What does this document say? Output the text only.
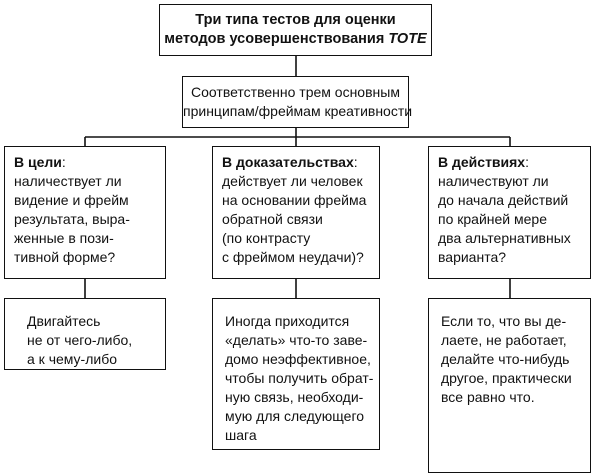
Три типа тестов для оценки
методов усовершенствования TOTE
Соответственно трем основным
принципам/фреймам креативности
В цели:
наличествует ли
видение и фрейм
результата, выра-
женные в пози-
тивной форме?
В доказательствах:
действует ли человек
на основании фрейма
обратной связи
(по контрасту
с фреймом неудачи)?
В действиях:
наличествуют ли
до начала действий
по крайней мере
два альтернативных
варианта?
Двигайтесь
не от чего-либо,
а к чему-либо
Иногда приходится
«делать» что-то заве-
домо неэффективное,
чтобы получить обрат-
ную связь, необходи-
мую для следующего
шага
Если то, что вы де-
лаете, не работает,
делайте что-нибудь
другое, практически
все равно что.
